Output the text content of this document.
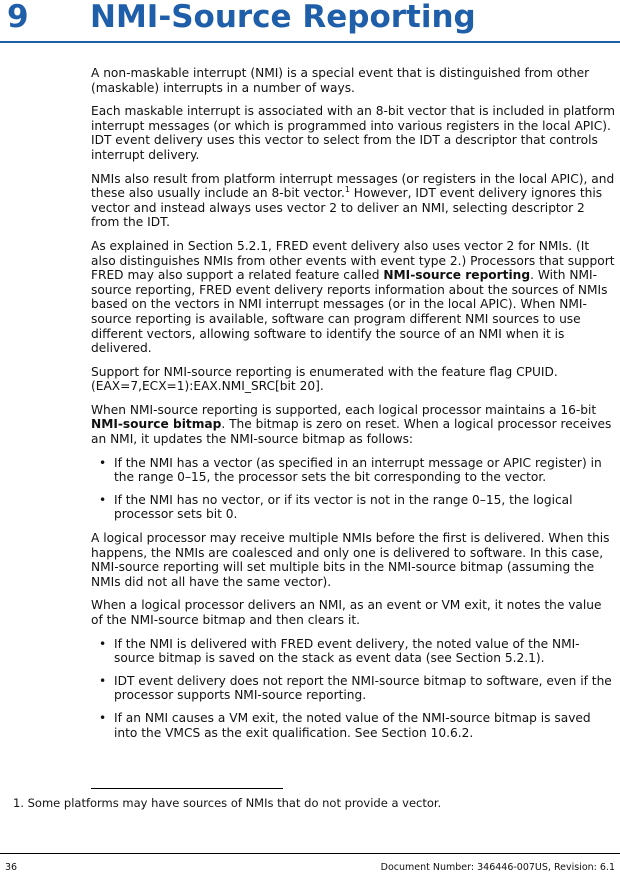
9 NMI-Source Reporting

A non-maskable interrupt (NMI) is a special event that is distinguished from other (maskable) interrupts in a number of ways.

Each maskable interrupt is associated with an 8-bit vector that is included in platform interrupt messages (or which is programmed into various registers in the local APIC). IDT event delivery uses this vector to select from the IDT a descriptor that controls interrupt delivery.

NMIs also result from platform interrupt messages (or registers in the local APIC), and these also usually include an 8-bit vector.$^1$ However, IDT event delivery ignores this vector and instead always uses vector 2 to deliver an NMI, selecting descriptor 2 from the IDT.

As explained in Section 5.2.1, FRED event delivery also uses vector 2 for NMIs. (It also distinguishes NMIs from other events with event type 2.) Processors that support FRED may also support a related feature called NMI-source reporting. With NMI-source reporting, FRED event delivery reports information about the sources of NMIs based on the vectors in NMI interrupt messages (or in the local APIC). When NMI-source reporting is available, software can program different NMI sources to use different vectors, allowing software to identify the source of an NMI when it is delivered.

Support for NMI-source reporting is enumerated with the feature flag CPUID.(EAX=7,ECX=1):EAX.NMI_SRC[bit 20].

When NMI-source reporting is supported, each logical processor maintains a 16-bit NMI-source bitmap. The bitmap is zero on reset. When a logical processor receives an NMI, it updates the NMI-source bitmap as follows:

• If the NMI has a vector (as specified in an interrupt message or APIC register) in the range 0–15, the processor sets the bit corresponding to the vector.
• If the NMI has no vector, or if its vector is not in the range 0–15, the logical processor sets bit 0.

A logical processor may receive multiple NMIs before the first is delivered. When this happens, the NMIs are coalesced and only one is delivered to software. In this case, NMI-source reporting will set multiple bits in the NMI-source bitmap (assuming the NMIs did not all have the same vector).

When a logical processor delivers an NMI, as an event or VM exit, it notes the value of the NMI-source bitmap and then clears it.

• If the NMI is delivered with FRED event delivery, the noted value of the NMI-source bitmap is saved on the stack as event data (see Section 5.2.1).
• IDT event delivery does not report the NMI-source bitmap to software, even if the processor supports NMI-source reporting.
• If an NMI causes a VM exit, the noted value of the NMI-source bitmap is saved into the VMCS as the exit qualification. See Section 10.6.2.
1. Some platforms may have sources of NMIs that do not provide a vector.
36	Document Number: 346446-007US, Revision: 6.1
